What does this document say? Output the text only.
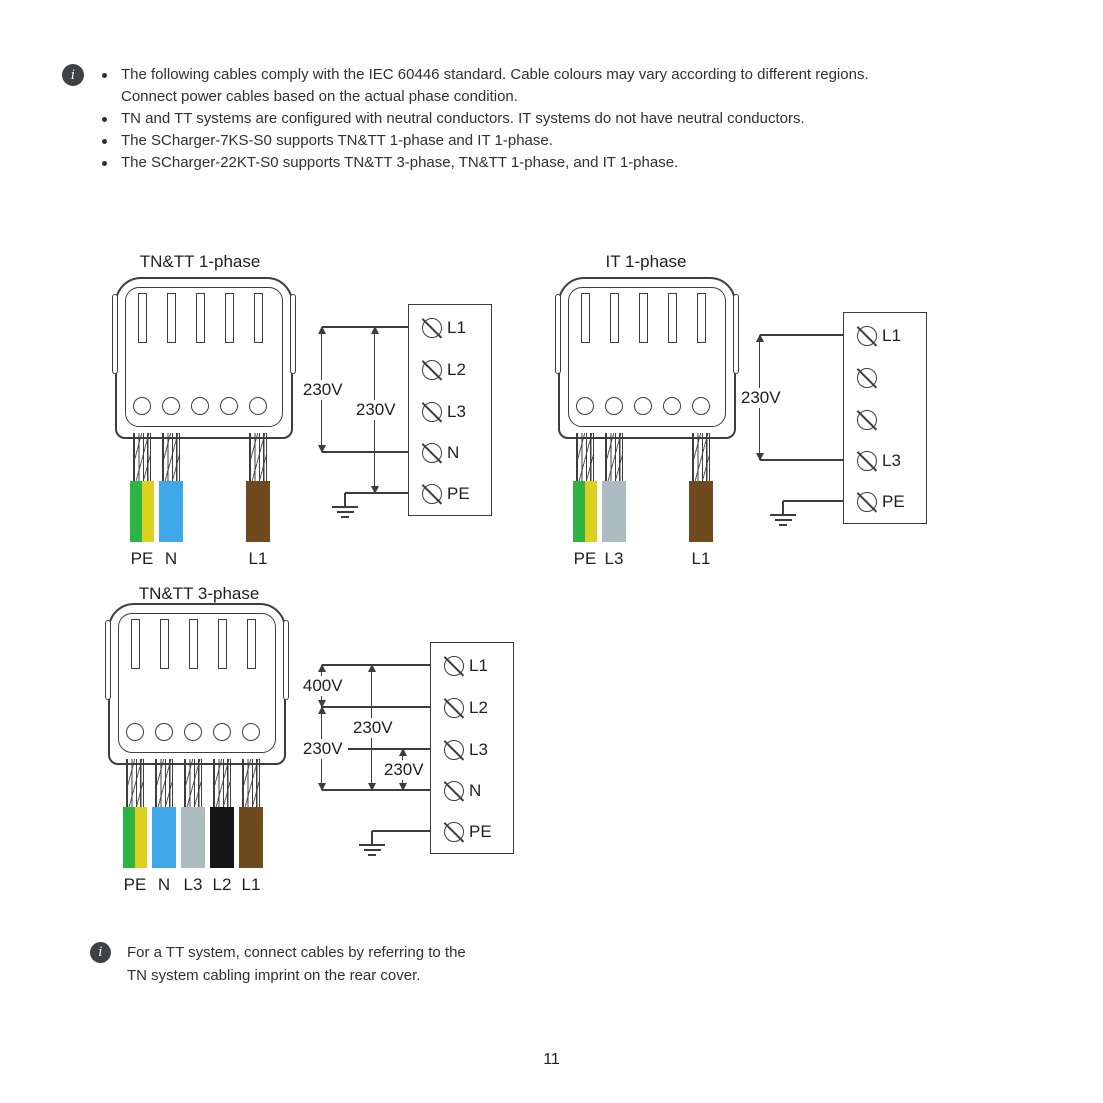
i	The following cables comply with the IEC 60446 standard. Cable colours may vary according to different regions.
Connect power cables based on the actual phase condition.
TN and TT systems are configured with neutral conductors. IT systems do not have neutral conductors.
The SCharger-7KS-S0 supports TN&TT 1-phase and IT 1-phase.
The SCharger-22KT-S0 supports TN&TT 3-phase, TN&TT 1-phase, and IT 1-phase.
TN&TT 1-phase
PE N	L1
230V
230V
L1
L2
L3
N
PE
IT 1-phase
PE L3	L1
230V
L1
L3
PE
TN&TT 3-phase
PE N L3 L2 L1
400V
230V
230V
230V
L1
L2
L3
N
PE
i For a TT system, connect cables by referring to the
TN system cabling imprint on the rear cover.
11
